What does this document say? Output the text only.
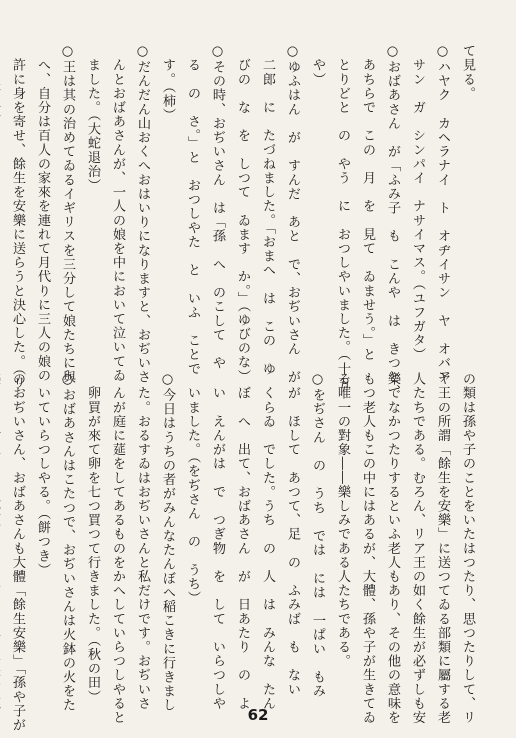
て見る。
○ハヤク　カヘラナイ　ト　オヂイサン　ヤ　オバア
　サン　ガ　シンパイ　ナサイマス。（ユフガタ）
○おばあさん　が「ふみ子　も　こんや　は　きつと、
　あちらで　この　月　を　見て　ゐませう。」と
　とりどと　の　やう　に　おつしやいました。（十五
　や）
○ゆふはん　が　すんだ　あと　で、おぢいさん　が
　二郎　に　たづねました。「おまへ　は　この　ゆ
　びの　な　を　しつて　ゐます　か。」（ゆびのな）
○その時、おぢいさん　は「孫　へ　のこして　や
　る　の　さ。」と　おつしやた　と　いふ　ことで
　す。（柿）
○だんだん山おくへおはいりになりますと、おぢいさ
　んとおばあさんが、一人の娘を中において泣いてゐ
　ました。（大蛇退治）
○王は其の治めてゐるイギリスを三分して娘たちに與
　へ、自分は百人の家來を連れて月代りに三人の娘の
　許に身を寄せ、餘生を安樂に送らうと決心した。（リ
の類は孫や子のことをいたはつたり、思つたりして、リ
ヤ王の所謂「餘生を安樂」に送つてゐる部類に屬する老
人たちである。むろん、リア王の如く餘生が必ずしも安
樂でなかつたりするといふ老人もあり、その他の意味を
もつ老人もこの中にはあるが、大體、孫や子が生きてゐ
る唯一の對象――樂しみである人たちである。
○をぢさん　の　うち　では　には　一ぱい　もみ
　が　ほして　あつて、足　の　ふみば　も　ない
　くらゐ　でした。うち　の　人　は　みんな　たん
　ぼ　へ　出て、おばあさん　が　日あたり　の　よ
　い　えんがは　で　つぎ物　を　して　いらつしや
　いました。（をぢさん　の　うち）
○今日はうちの者がみんなたんぼへ稲こきに行きまし
　た。おるすゐはおぢいさんと私だけです。おぢいさ
　んが庭に莚をしてあるものをかへしていらつしやると
　卵買が來て卵を七つ買つて行きました。（秋の田）
○おばあさんはこたつで、おぢいさんは火鉢の火をた
　いていらつしやる。（餅つき）
のおぢいさん、おばあさんも大體「餘生安樂」「孫や子が	62
